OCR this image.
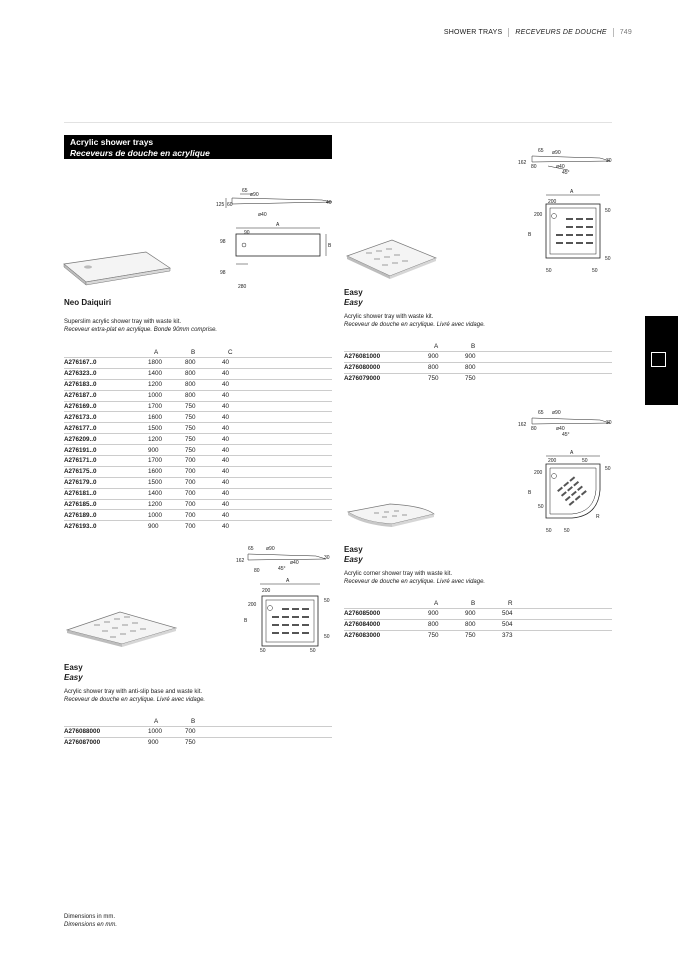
SHOWER TRAYS	RECEVEURS DE DOUCHE	749
Acrylic shower trays
Receveurs de douche en acrylique
65
ø90
125 60
ø40
40
A
B
90
98
98
280
Neo Daiquiri
Superslim acrylic shower tray with waste kit.
Receveur extra-plat en acrylique. Bonde 90mm comprise.
	A	B	C	
A276167..0	1800	800	40	
A276323..0	1400	800	40	
A276183..0	1200	800	40	
A276187..0	1000	800	40	
A276169..0	1700	750	40	
A276173..0	1600	750	40	
A276177..0	1500	750	40	
A276209..0	1200	750	40	
A276191..0	900	750	40	
A276171..0	1700	700	40	
A276175..0	1600	700	40	
A276179..0	1500	700	40	
A276181..0	1400	700	40	
A276185..0	1200	700	40	
A276189..0	1000	700	40	
A276193..0	900	700	40	
65 ø90
162
80	ø40
45°
30
A
B
200
200
50
50
50	50
Easy
Easy
Acrylic shower tray with waste kit.
Receveur de douche en acrylique. Livré avec vidage.
	A	B	
A276081000	900	900	
A276080000	800	800	
A276079000	750	750	
65 ø90
162
80	ø40
45°
30
A
B
R
200	50
200
50
50
50 50
Easy
Easy
Acrylic corner shower tray with waste kit.
Receveur de douche en acrylique. Livré avec vidage.
	A	B	R	
A276085000	900	900	504	
A276084000	800	800	504	
A276083000	750	750	373	
65 ø90
162
80
ø40
45°
30
A
B
200
200
50
50
50	50
Easy
Easy
Acrylic shower tray with anti-slip base and waste kit.
Receveur de douche en acrylique. Livré avec vidage.
	A	B	
A276088000	1000	700	
A276087000	900	750	
Dimensions in mm.
Dimensions en mm.
